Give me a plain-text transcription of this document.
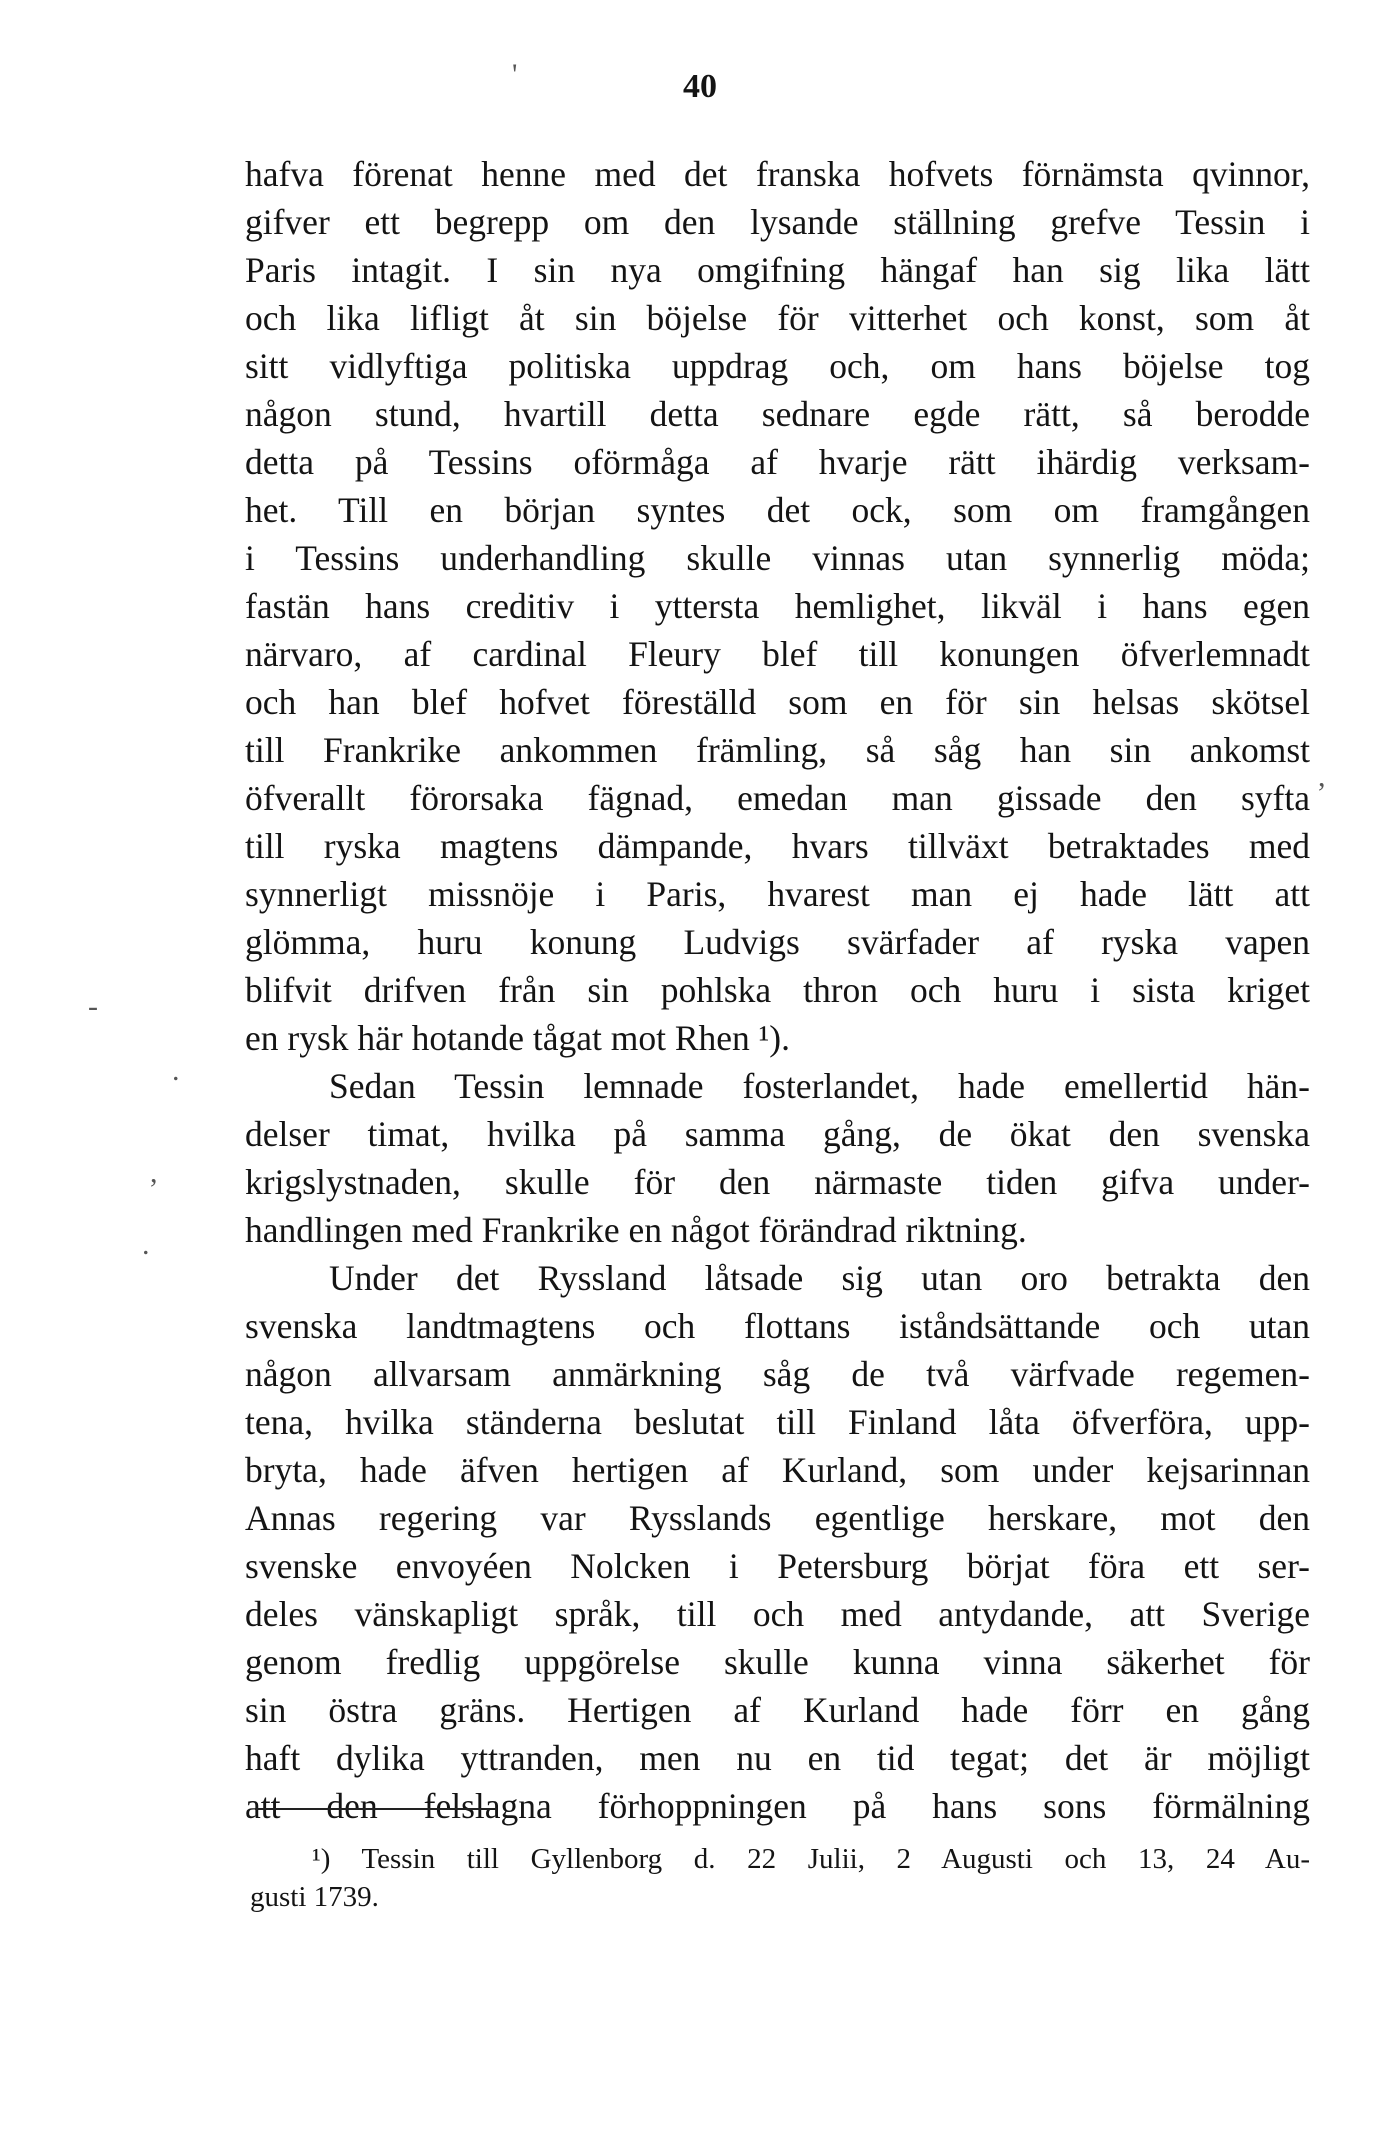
40
'
,
-
.
,
.
hafva förenat henne med det franska hofvets förnämsta qvinnor,
gifver ett begrepp om den lysande ställning grefve Tessin i
Paris intagit. I sin nya omgifning hängaf han sig lika lätt
och lika lifligt åt sin böjelse för vitterhet och konst, som åt
sitt vidlyftiga politiska uppdrag och, om hans böjelse tog
någon stund, hvartill detta sednare egde rätt, så berodde
detta på Tessins oförmåga af hvarje rätt ihärdig verksam-
het. Till en början syntes det ock, som om framgången
i Tessins underhandling skulle vinnas utan synnerlig möda;
fastän hans creditiv i yttersta hemlighet, likväl i hans egen
närvaro, af cardinal Fleury blef till konungen öfverlemnadt
och han blef hofvet föreställd som en för sin helsas skötsel
till Frankrike ankommen främling, så såg han sin ankomst
öfverallt förorsaka fägnad, emedan man gissade den syfta
till ryska magtens dämpande, hvars tillväxt betraktades med
synnerligt missnöje i Paris, hvarest man ej hade lätt att
glömma, huru konung Ludvigs svärfader af ryska vapen
blifvit drifven från sin pohlska thron och huru i sista kriget
en rysk här hotande tågat mot Rhen ¹).
Sedan Tessin lemnade fosterlandet, hade emellertid hän-
delser timat, hvilka på samma gång, de ökat den svenska
krigslystnaden, skulle för den närmaste tiden gifva under-
handlingen med Frankrike en något förändrad riktning.
Under det Ryssland låtsade sig utan oro betrakta den
svenska landtmagtens och flottans iståndsättande och utan
någon allvarsam anmärkning såg de två värfvade regemen-
tena, hvilka ständerna beslutat till Finland låta öfverföra, upp-
bryta, hade äfven hertigen af Kurland, som under kejsarinnan
Annas regering var Rysslands egentlige herskare, mot den
svenske envoyéen Nolcken i Petersburg börjat föra ett ser-
deles vänskapligt språk, till och med antydande, att Sverige
genom fredlig uppgörelse skulle kunna vinna säkerhet för
sin östra gräns. Hertigen af Kurland hade förr en gång
haft dylika yttranden, men nu en tid tegat; det är möjligt
att den felslagna förhoppningen på hans sons förmälning
¹) Tessin till Gyllenborg d. 22 Julii, 2 Augusti och 13, 24 Au-
gusti 1739.
